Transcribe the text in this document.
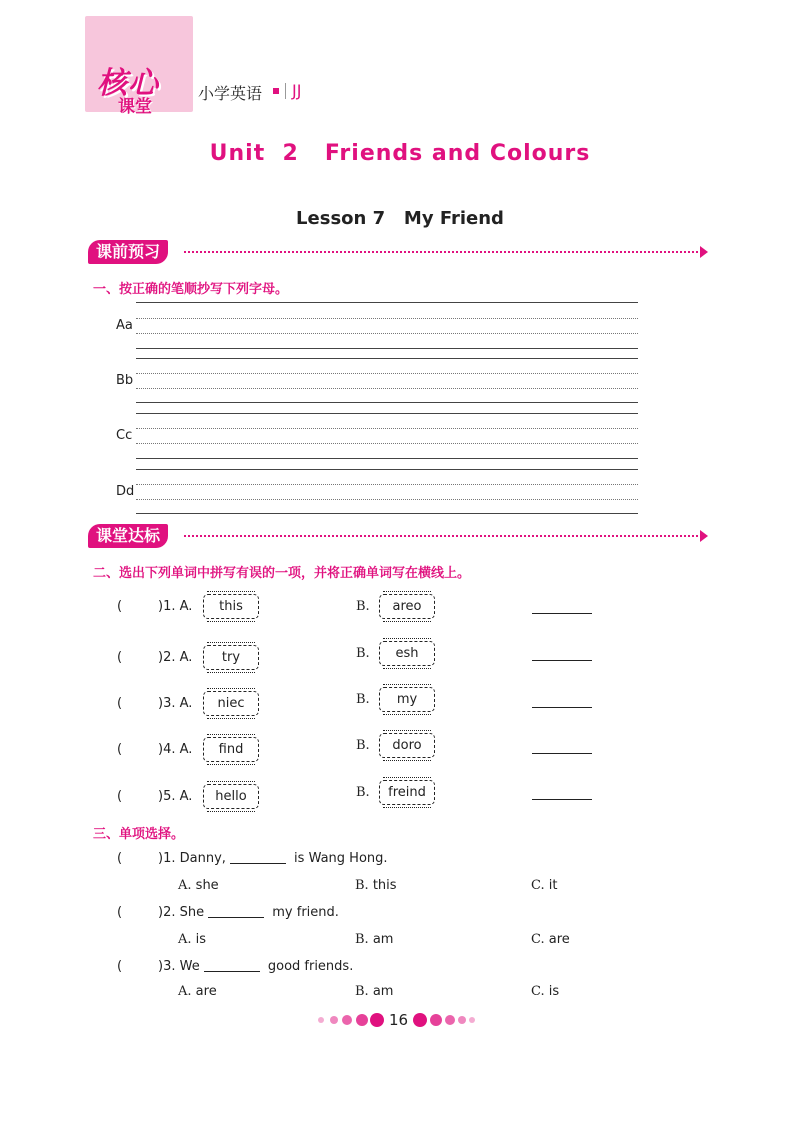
核心
课堂
小学英语 JJ
Unit  2   Friends and Colours
Lesson 7   My Friend
课前预习
一、按正确的笔顺抄写下列字母。
Aa
Bb
Cc
Dd
课堂达标
二、选出下列单词中拼写有误的一项，并将正确单词写在横线上。
(	)1. A.	this	B.	areo
(	)2. A.	try	B.	esh
(	)3. A.	niec	B.	my
(	)4. A.	find	B.	doro
(	)5. A.	hello	B.	freind
三、单项选择。
(	)1. Danny,	is Wang Hong.
A. she	B. this	C. it
(	)2. She	my friend.
A. is	B. am	C. are
(	)3. We	good friends.
A. are	B. am	C. is
16
